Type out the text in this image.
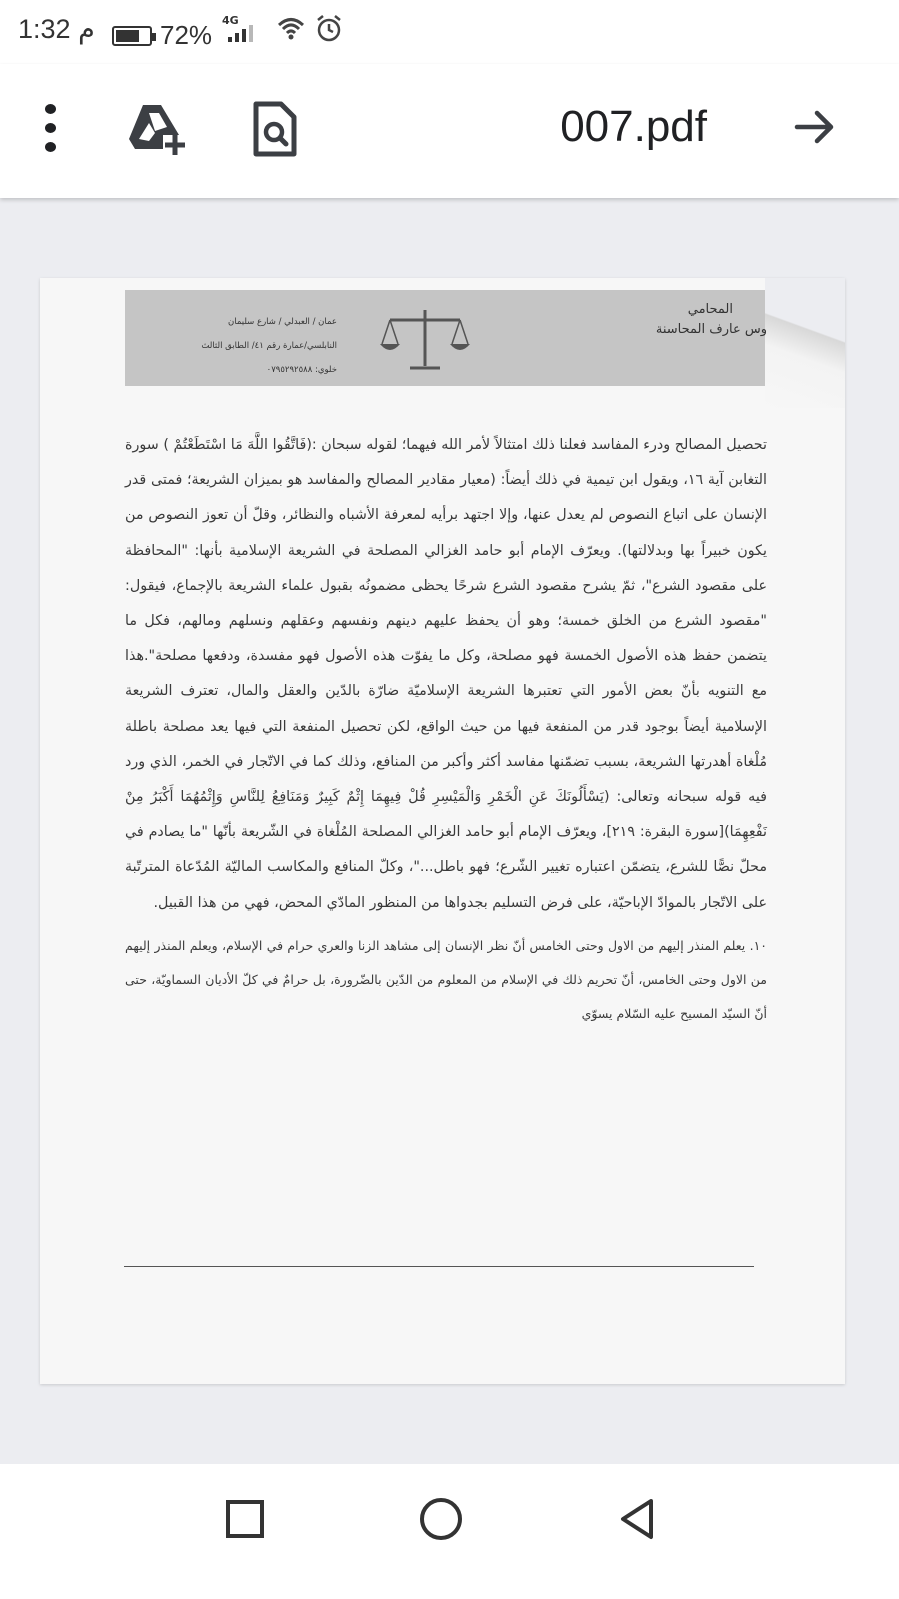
1:32 م	72% 4G
007.pdf
المحامي
وس عارف المحاسنة
عمان / العبدلي / شارع سليمان
النابلسي/عمارة رقم ٤١/ الطابق الثالث
خلوي: ٠٧٩٥٢٩٢٥٨٨

تحصيل المصالح ودرء المفاسد فعلنا ذلك امتثالاً لأمر الله فيهما؛ لقوله سبحان :(فَاتَّقُوا اللَّهَ مَا اسْتَطَعْتُمْ ) سورة التغابن آية ١٦، ويقول ابن تيمية في ذلك أيضاً: (معيار مقادير المصالح والمفاسد هو بميزان الشريعة؛ فمتى قدر الإنسان على اتباع النصوص لم يعدل عنها، وإلا اجتهد برأيه لمعرفة الأشباه والنظائر، وقلّ أن تعوز النصوص من يكون خبيراً بها وبدلالتها). ويعرّف الإمام أبو حامد الغزالي المصلحة في الشريعة الإسلامية بأنها: "المحافظة على مقصود الشرع"، ثمّ يشرح مقصود الشرع شرحًا يحظى مضمونُه بقبول علماء الشريعة بالإجماع، فيقول: "مقصود الشرع من الخلق خمسة؛ وهو أن يحفظ عليهم دينهم ونفسهم وعقلهم ونسلهم ومالهم، فكل ما يتضمن حفظ هذه الأصول الخمسة فهو مصلحة، وكل ما يفوّت هذه الأصول فهو مفسدة، ودفعها مصلحة".هذا مع التنويه بأنّ بعض الأمور التي تعتبرها الشريعة الإسلاميّة ضارّة بالدّين والعقل والمال، تعترف الشريعة الإسلامية أيضاً بوجود قدر من المنفعة فيها من حيث الواقع، لكن تحصيل المنفعة التي فيها يعد مصلحة باطلة مُلْغاة أهدرتها الشريعة، بسبب تضمّنها مفاسد أكثر وأكبر من المنافع، وذلك كما في الاتّجار في الخمر، الذي ورد فيه قوله سبحانه وتعالى: (يَسْأَلُونَكَ عَنِ الْخَمْرِ وَالْمَيْسِرِ قُلْ فِيهِمَا إِثْمٌ كَبِيرٌ وَمَنَافِعُ لِلنَّاسِ وَإِثْمُهُمَا أَكْبَرُ مِنْ نَفْعِهِمَا)[سورة البقرة: ٢١٩]، ويعرّف الإمام أبو حامد الغزالي المصلحة المُلْغاة في الشّريعة بأنّها "ما يصادم في محلّ نصًّا للشرع، يتضمّن اعتباره تغيير الشّرع؛ فهو باطل..."، وكلّ المنافع والمكاسب الماليّة المُدّعاة المترتّبة على الاتّجار بالموادّ الإباحيّة، على فرض التسليم بجدواها من المنظور المادّي المحض، فهي من هذا القبيل.

١٠. يعلم المنذر إليهم من الاول وحتى الخامس أنّ نظر الإنسان إلى مشاهد الزنا والعري حرام في الإسلام، ويعلم المنذر إليهم من الاول وحتى الخامس، أنّ تحريم ذلك في الإسلام من المعلوم من الدّين بالضّرورة، بل حرامٌ في كلّ الأديان السماويّة، حتى أنّ السيّد المسيح عليه السّلام يسوّي
